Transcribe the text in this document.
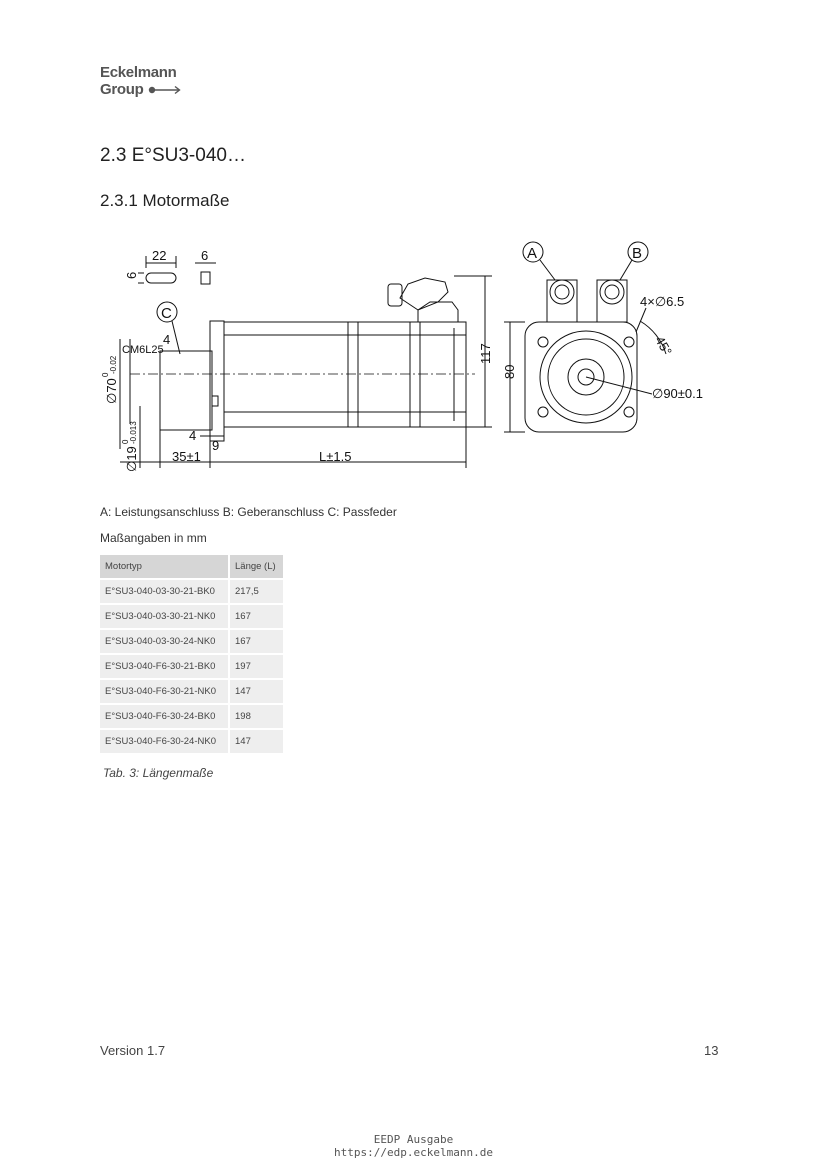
Eckelmann
Group
2.3 E°SU3-040…
2.3.1 Motormaße
A	B
C
22	6
6
CM6L25
4
∅70
0
-0.02
∅19
0 -0.013	4
9
35±1	L±1.5
117
80
4×∅6.5
45°
∅90±0.1
A: Leistungsanschluss B: Geberanschluss C: Passfeder
Maßangaben in mm
Motortyp	Länge (L)
E°SU3-040-03-30-21-BK0	217,5
E°SU3-040-03-30-21-NK0	167
E°SU3-040-03-30-24-NK0	167
E°SU3-040-F6-30-21-BK0	197
E°SU3-040-F6-30-21-NK0	147
E°SU3-040-F6-30-24-BK0	198
E°SU3-040-F6-30-24-NK0	147
Tab. 3: Längenmaße
Version 1.7	13
EEDP Ausgabe
https://edp.eckelmann.de
